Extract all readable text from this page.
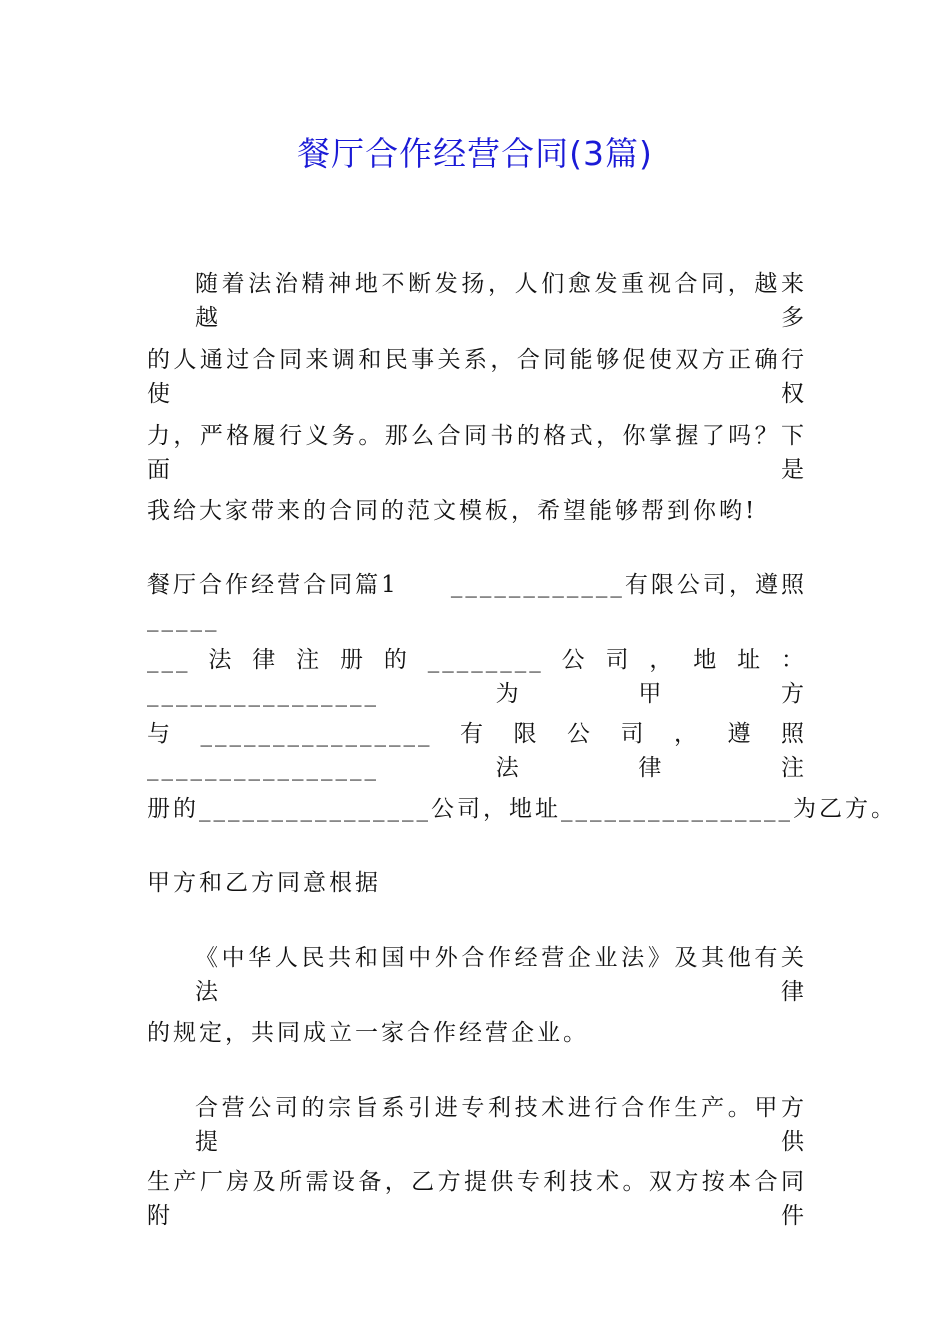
餐厅合作经营合同(3篇)
随着法治精神地不断发扬，人们愈发重视合同，越来越多
的人通过合同来调和民事关系，合同能够促使双方正确行使权
力，严格履行义务。那么合同书的格式，你掌握了吗？下面是
我给大家带来的合同的范文模板，希望能够帮到你哟!
餐厅合作经营合同篇1　　____________有限公司，遵照_____
___法律注册的________公司，地址：________________为甲方
与________________有限公司，遵照________________法律注
册的________________公司，地址________________为乙方。
甲方和乙方同意根据
《中华人民共和国中外合作经营企业法》及其他有关法律
的规定，共同成立一家合作经营企业。
合营公司的宗旨系引进专利技术进行合作生产。甲方提供
生产厂房及所需设备，乙方提供专利技术。双方按本合同附件
